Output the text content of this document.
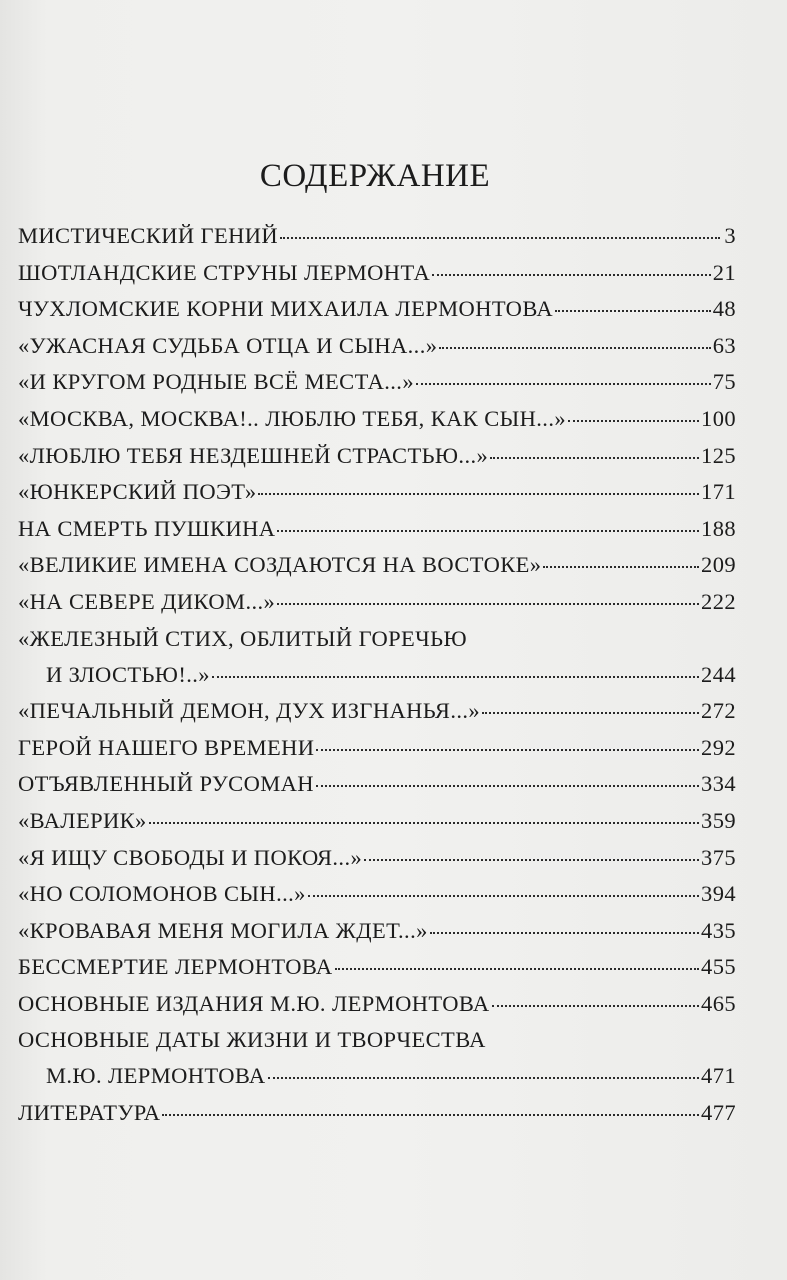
СОДЕРЖАНИЕ
МИСТИЧЕСКИЙ ГЕНИЙ	3
ШОТЛАНДСКИЕ СТРУНЫ ЛЕРМОНТА	21
ЧУХЛОМСКИЕ КОРНИ МИХАИЛА ЛЕРМОНТОВА	48
«УЖАСНАЯ СУДЬБА ОТЦА И СЫНА...»	63
«И КРУГОМ РОДНЫЕ ВСЁ МЕСТА...»	75
«МОСКВА, МОСКВА!.. ЛЮБЛЮ ТЕБЯ, КАК СЫН...»	100
«ЛЮБЛЮ ТЕБЯ НЕЗДЕШНЕЙ СТРАСТЬЮ...»	125
«ЮНКЕРСКИЙ ПОЭТ»	171
НА СМЕРТЬ ПУШКИНА	188
«ВЕЛИКИЕ ИМЕНА СОЗДАЮТСЯ НА ВОСТОКЕ»	209
«НА СЕВЕРЕ ДИКОМ...»	222
«ЖЕЛЕЗНЫЙ СТИХ, ОБЛИТЫЙ ГОРЕЧЬЮ
И ЗЛОСТЬЮ!..»	244
«ПЕЧАЛЬНЫЙ ДЕМОН, ДУХ ИЗГНАНЬЯ...»	272
ГЕРОЙ НАШЕГО ВРЕМЕНИ	292
ОТЪЯВЛЕННЫЙ РУСОМАН	334
«ВАЛЕРИК»	359
«Я ИЩУ СВОБОДЫ И ПОКОЯ...»	375
«НО СОЛОМОНОВ СЫН...»	394
«КРОВАВАЯ МЕНЯ МОГИЛА ЖДЕТ...»	435
БЕССМЕРТИЕ ЛЕРМОНТОВА	455
ОСНОВНЫЕ ИЗДАНИЯ М.Ю. ЛЕРМОНТОВА	465
ОСНОВНЫЕ ДАТЫ ЖИЗНИ И ТВОРЧЕСТВА
М.Ю. ЛЕРМОНТОВА	471
ЛИТЕРАТУРА	477
